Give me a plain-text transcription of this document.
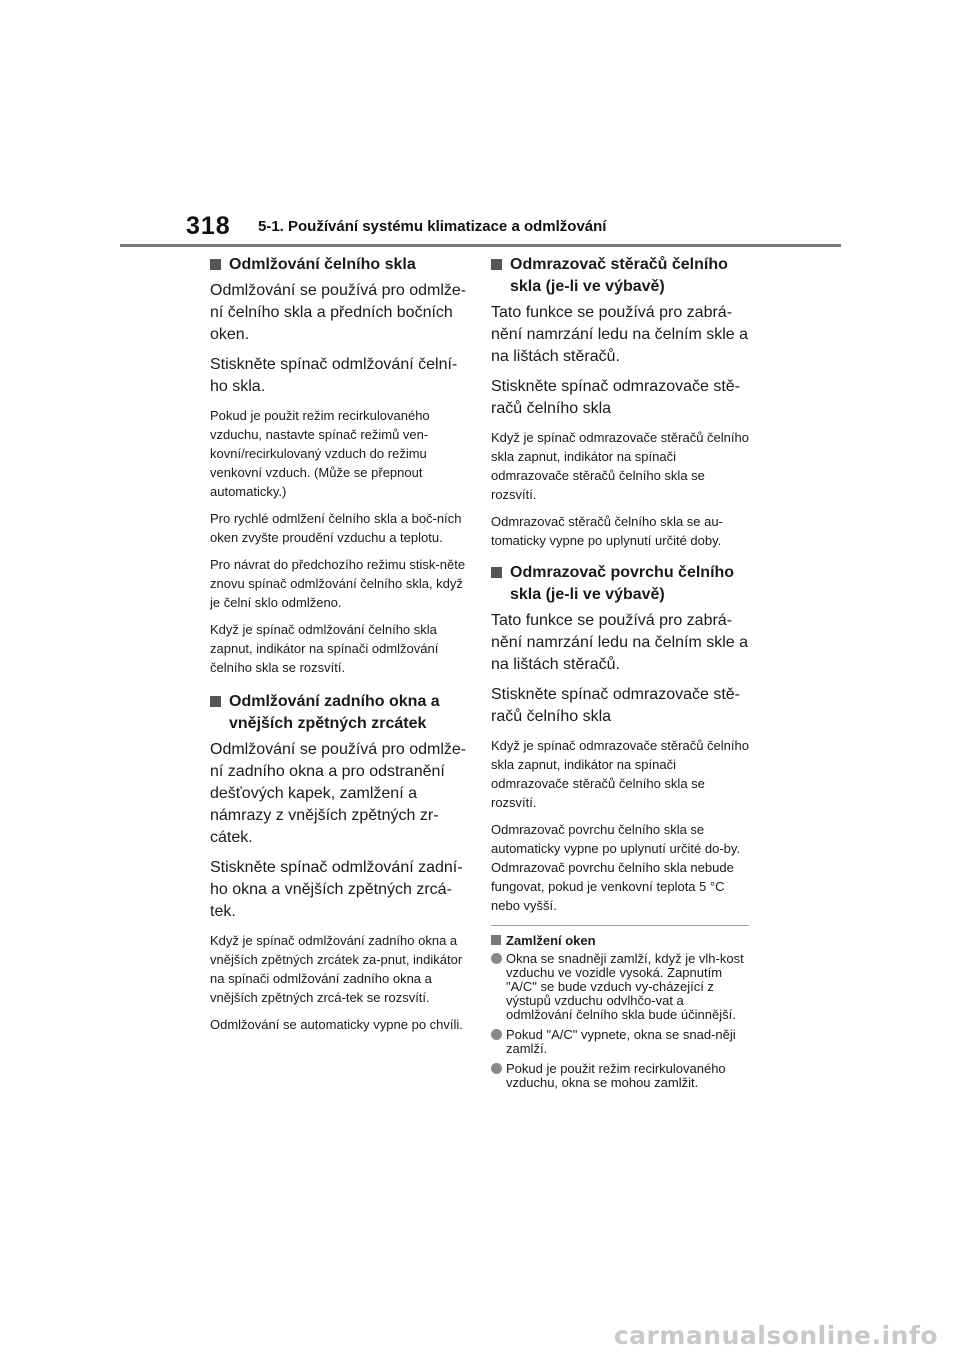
318 5-1. Používání systému klimatizace a odmlžování
Odmlžování čelního skla

Odmlžování se používá pro odmlže-ní čelního skla a předních bočních oken.

Stiskněte spínač odmlžování čelní-ho skla.

Pokud je použit režim recirkulovaného vzduchu, nastavte spínač režimů ven-kovní/recirkulovaný vzduch do režimu venkovní vzduch. (Může se přepnout automaticky.)

Pro rychlé odmlžení čelního skla a boč-ních oken zvyšte proudění vzduchu a teplotu.

Pro návrat do předchozího režimu stisk-něte znovu spínač odmlžování čelního skla, když je čelní sklo odmlženo.

Když je spínač odmlžování čelního skla zapnut, indikátor na spínači odmlžování čelního skla se rozsvítí.

Odmlžování zadního okna a vnějších zpětných zrcátek

Odmlžování se používá pro odmlže-ní zadního okna a pro odstranění dešťových kapek, zamlžení a námrazy z vnějších zpětných zr-cátek.

Stiskněte spínač odmlžování zadní-ho okna a vnějších zpětných zrcá-tek.

Když je spínač odmlžování zadního okna a vnějších zpětných zrcátek za-pnut, indikátor na spínači odmlžování zadního okna a vnějších zpětných zrcá-tek se rozsvítí.

Odmlžování se automaticky vypne po chvíli.

Odmrazovač stěračů čelního skla (je-li ve výbavě)

Tato funkce se používá pro zabrá-nění namrzání ledu na čelním skle a na lištách stěračů.

Stiskněte spínač odmrazovače stě-račů čelního skla

Když je spínač odmrazovače stěračů čelního skla zapnut, indikátor na spínači odmrazovače stěračů čelního skla se rozsvítí.

Odmrazovač stěračů čelního skla se au-tomaticky vypne po uplynutí určité doby.

Odmrazovač povrchu čelního skla (je-li ve výbavě)

Tato funkce se používá pro zabrá-nění namrzání ledu na čelním skle a na lištách stěračů.

Stiskněte spínač odmrazovače stě-račů čelního skla

Když je spínač odmrazovače stěračů čelního skla zapnut, indikátor na spínači odmrazovače stěračů čelního skla se rozsvítí.

Odmrazovač povrchu čelního skla se automaticky vypne po uplynutí určité do-by. Odmrazovač povrchu čelního skla nebude fungovat, pokud je venkovní teplota 5 °C nebo vyšší.

Zamlžení oken
Okna se snadněji zamlží, když je vlh-kost vzduchu ve vozidle vysoká. Zapnutím "A/C" se bude vzduch vy-cházející z výstupů vzduchu odvlhčo-vat a odmlžování čelního skla bude účinnější.
Pokud "A/C" vypnete, okna se snad-něji zamlží.
Pokud je použit režim recirkulovaného vzduchu, okna se mohou zamlžit.
carmanualsonline.info
